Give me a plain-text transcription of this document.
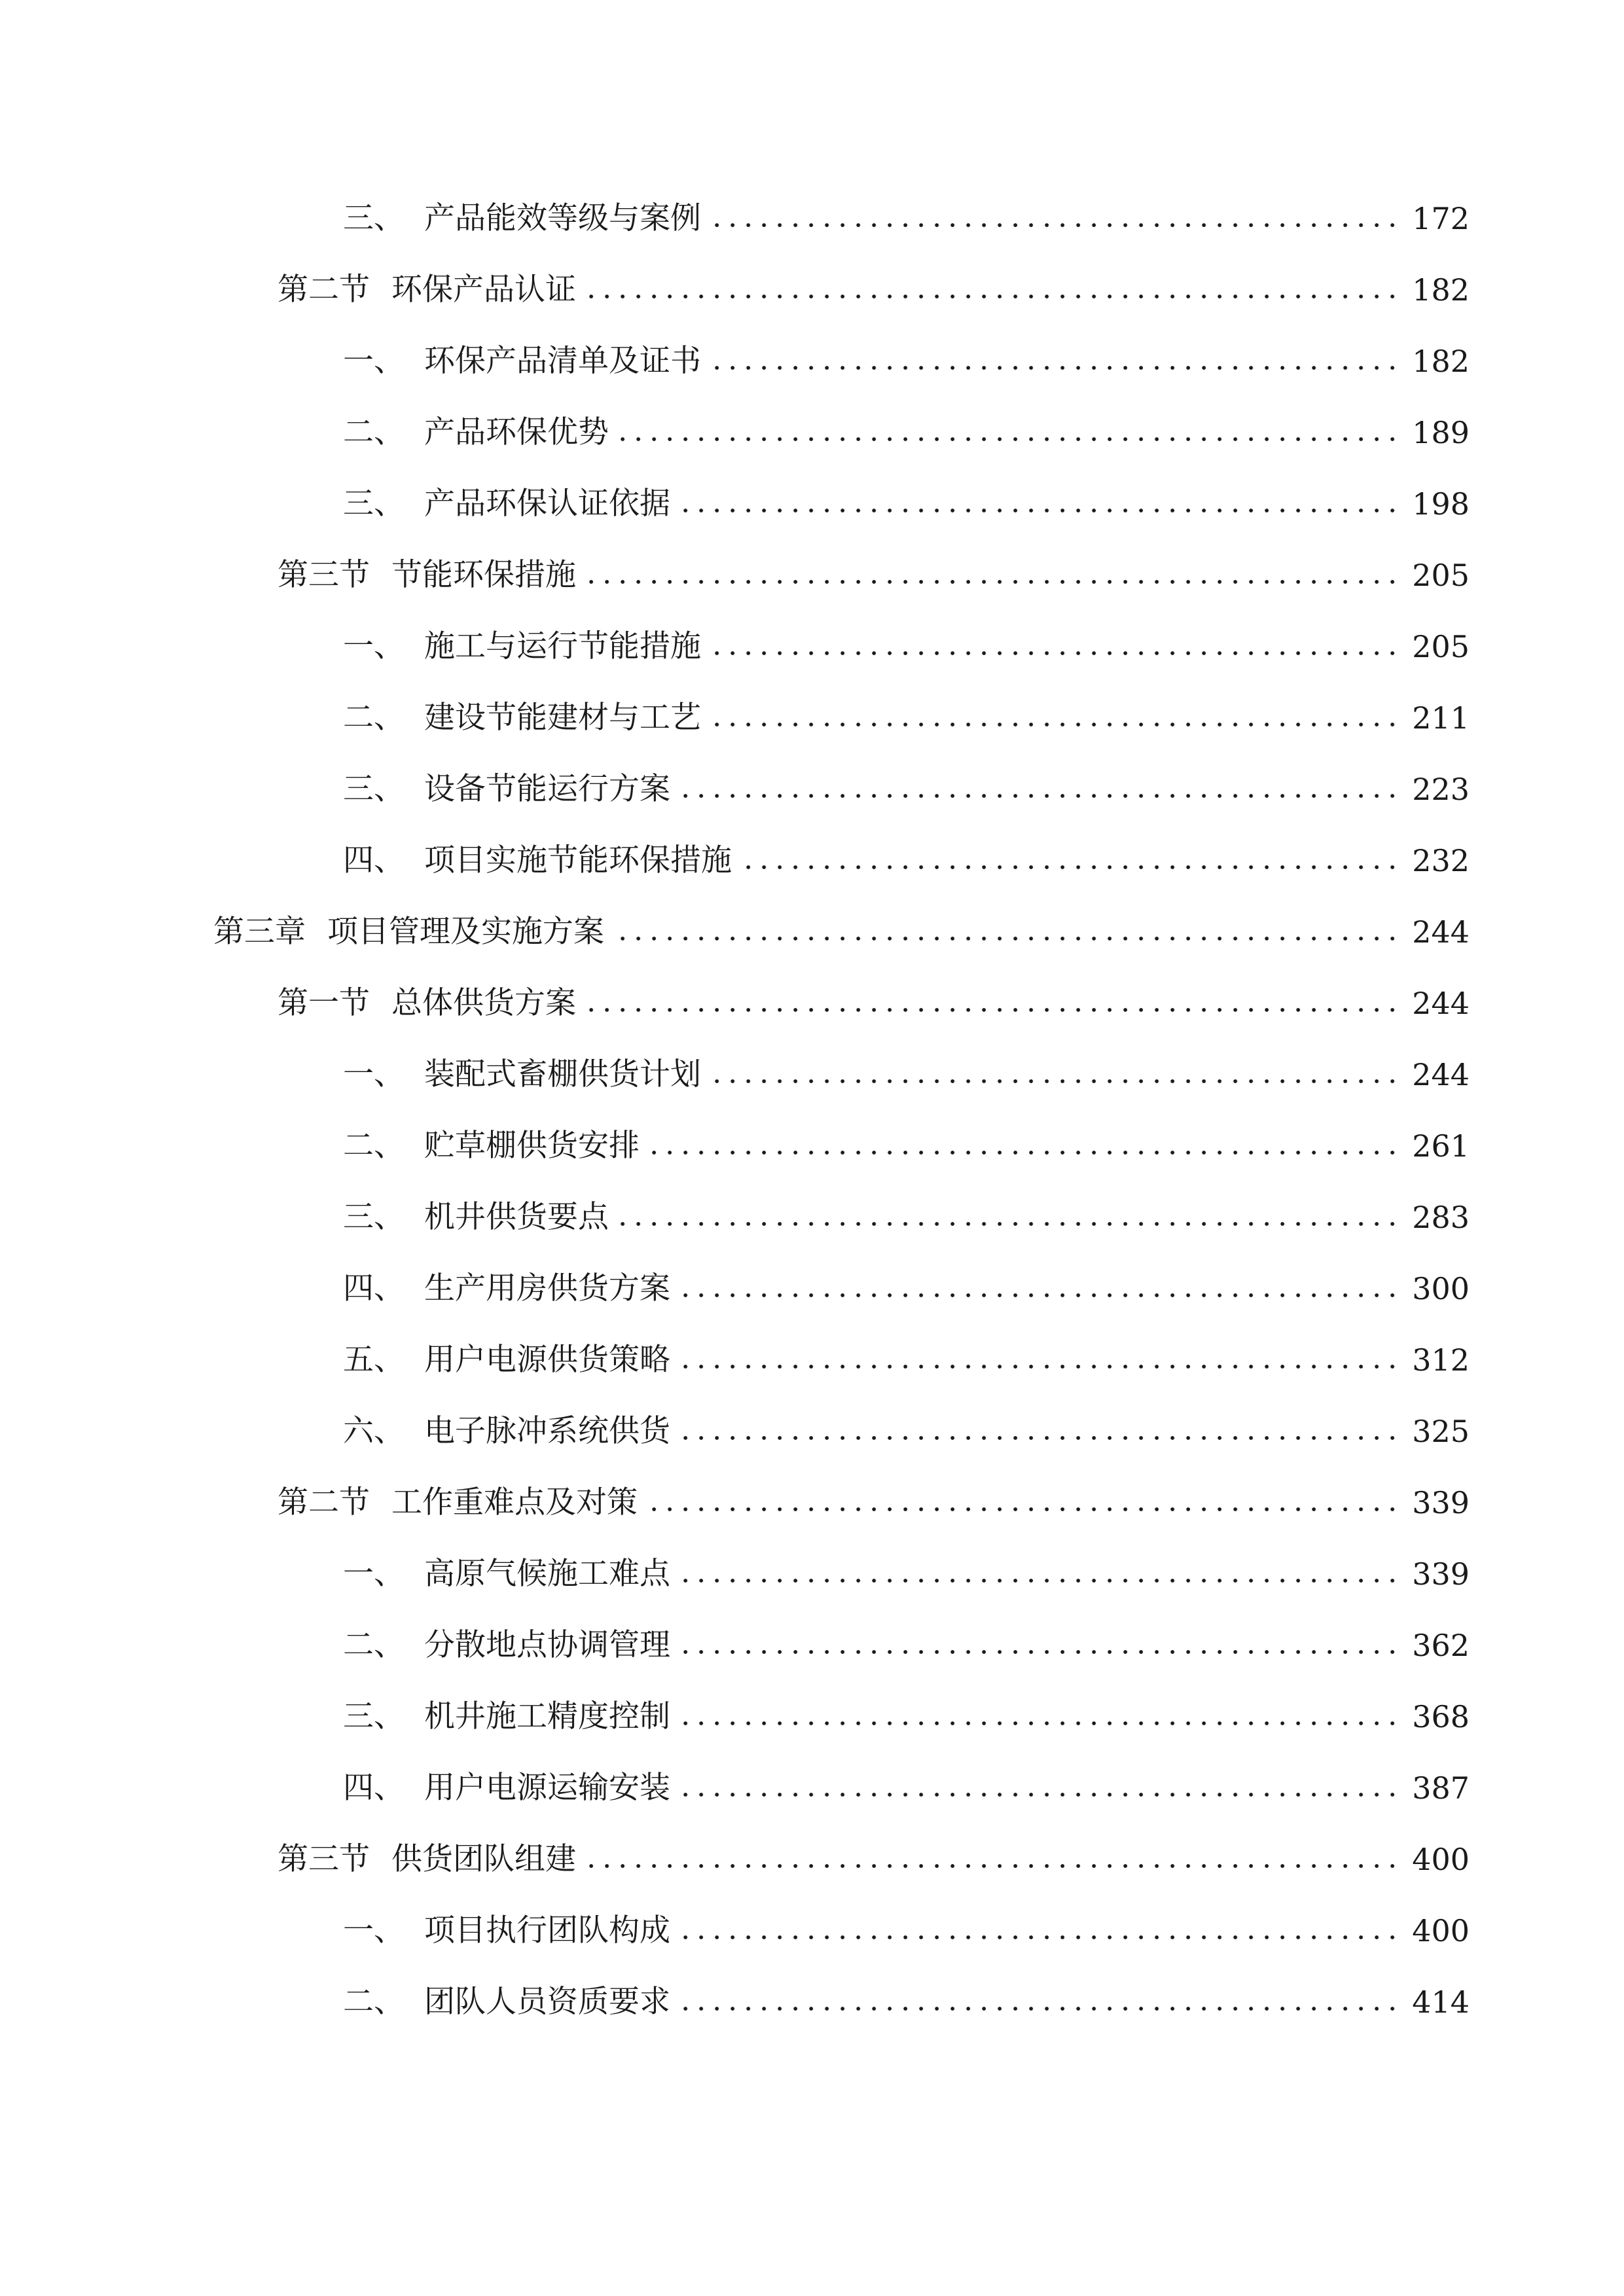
三、 产品能效等级与案例	172
第二节 环保产品认证	182
一、 环保产品清单及证书	182
二、 产品环保优势	189
三、 产品环保认证依据	198
第三节 节能环保措施	205
一、 施工与运行节能措施	205
二、 建设节能建材与工艺	211
三、 设备节能运行方案	223
四、 项目实施节能环保措施	232
第三章 项目管理及实施方案	244
第一节 总体供货方案	244
一、 装配式畜棚供货计划	244
二、 贮草棚供货安排	261
三、 机井供货要点	283
四、 生产用房供货方案	300
五、 用户电源供货策略	312
六、 电子脉冲系统供货	325
第二节 工作重难点及对策	339
一、 高原气候施工难点	339
二、 分散地点协调管理	362
三、 机井施工精度控制	368
四、 用户电源运输安装	387
第三节 供货团队组建	400
一、 项目执行团队构成	400
二、 团队人员资质要求	414
